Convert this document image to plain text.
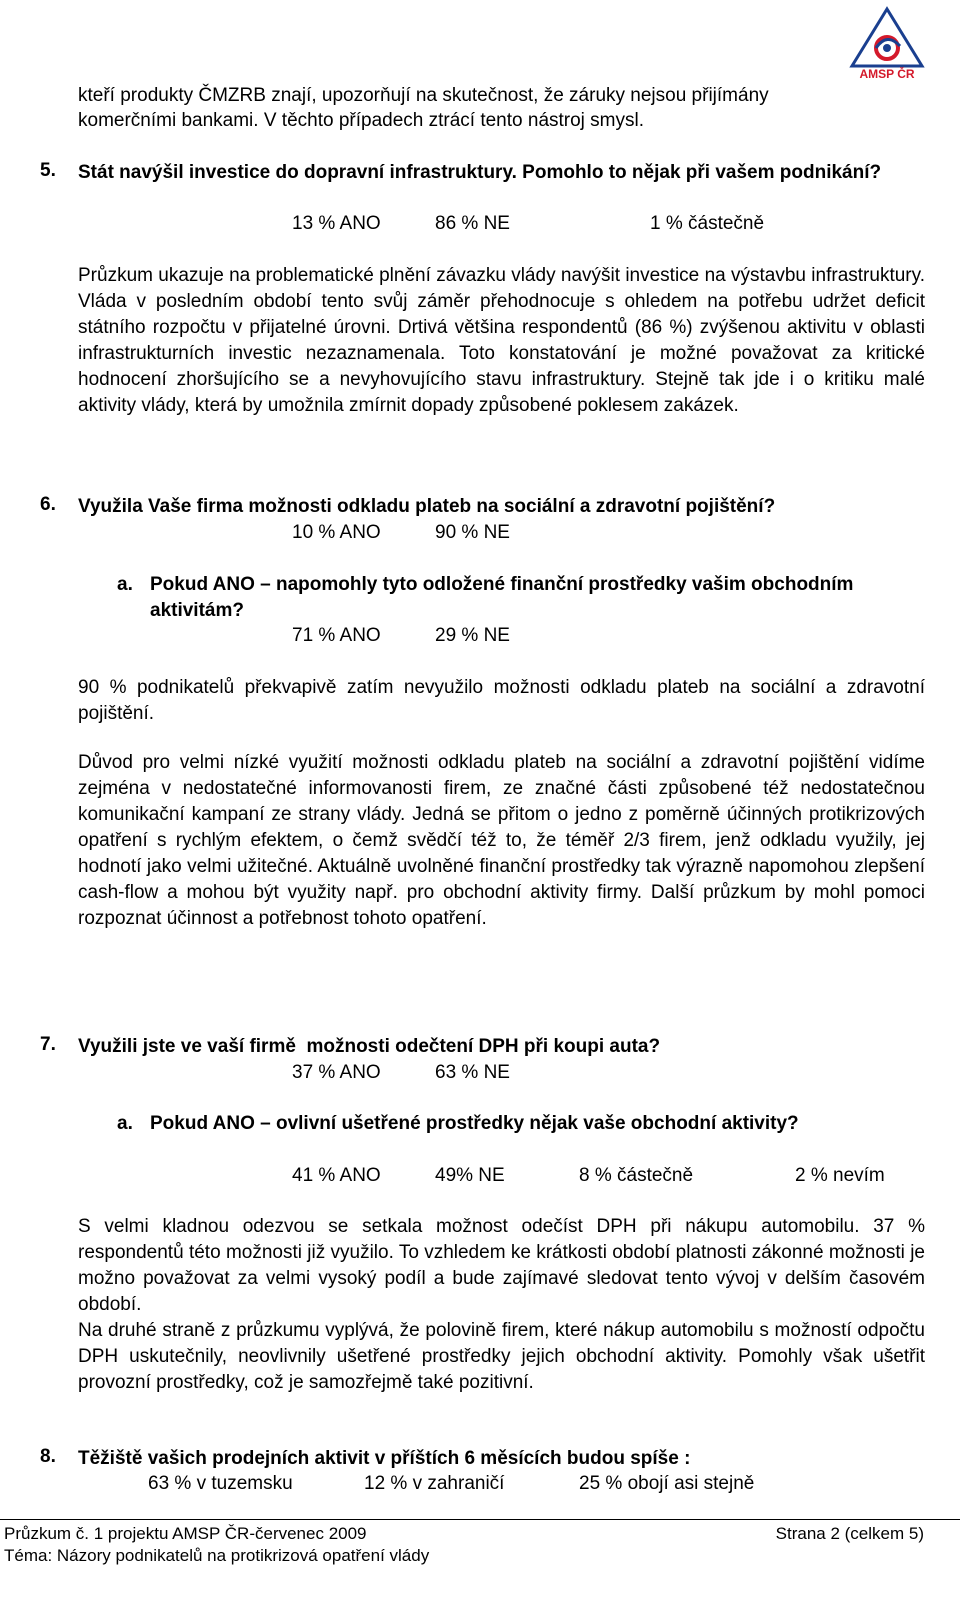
AMSP ČR
kteří produkty ČMZRB znají, upozorňují na skutečnost, že záruky nejsou přijímány
komerčními bankami. V těchto případech ztrácí tento nástroj smysl.
5. Stát navýšil investice do dopravní infrastruktury. Pomohlo to nějak při vašem podnikání?

13 % ANO	86 % NE	1 % částečně

Průzkum ukazuje na problematické plnění závazku vlády navýšit investice na výstavbu infrastruktury. Vláda v posledním období tento svůj záměr přehodnocuje s ohledem na potřebu udržet deficit státního rozpočtu v přijatelné úrovni. Drtivá většina respondentů (86 %) zvýšenou aktivitu v oblasti infrastrukturních investic nezaznamenala. Toto konstatování je možné považovat za kritické hodnocení zhoršujícího se a nevyhovujícího stavu infrastruktury. Stejně tak jde i o kritiku malé aktivity vlády, která by umožnila zmírnit dopady způsobené poklesem zakázek.

6. Využila Vaše firma možnosti odkladu plateb na sociální a zdravotní pojištění?

10 % ANO	90 % NE
a. Pokud ANO – napomohly tyto odložené finanční prostředky vašim obchodním aktivitám?

71 % ANO	29 % NE

90 % podnikatelů překvapivě zatím nevyužilo možnosti odkladu plateb na sociální a zdravotní pojištění.

Důvod pro velmi nízké využití možnosti odkladu plateb na sociální a zdravotní pojištění vidíme zejména v nedostatečné informovanosti firem, ze značné části způsobené též nedostatečnou komunikační kampaní ze strany vlády. Jedná se přitom o jedno z poměrně účinných protikrizových opatření s rychlým efektem, o čemž svědčí též to, že téměř 2/3 firem, jenž odkladu využily, jej hodnotí jako velmi užitečné. Aktuálně uvolněné finanční prostředky tak výrazně napomohou zlepšení cash-flow a mohou být využity např. pro obchodní aktivity firmy. Další průzkum by mohl pomoci rozpoznat účinnost a potřebnost tohoto opatření.

7. Využili jste ve vaší firmě  možnosti odečtení DPH při koupi auta?

37 % ANO	63 % NE
a. Pokud ANO – ovlivní ušetřené prostředky nějak vaše obchodní aktivity?

41 % ANO	49% NE	8 % částečně	2 % nevím

S velmi kladnou odezvou se setkala možnost odečíst DPH při nákupu automobilu. 37 % respondentů této možnosti již využilo. To vzhledem ke krátkosti období platnosti zákonné možnosti je možno považovat za velmi vysoký podíl a bude zajímavé sledovat tento vývoj v delším časovém období.

Na druhé straně z průzkumu vyplývá, že polovině firem, které nákup automobilu s možností odpočtu DPH uskutečnily, neovlivnily ušetřené prostředky jejich obchodní aktivity. Pomohly však ušetřit provozní prostředky, což je samozřejmě také pozitivní.

8. Těžiště vašich prodejních aktivit v příštích 6 měsících budou spíše :

63 % v tuzemsku	12 % v zahraničí	25 % obojí asi stejně
Průzkum č. 1 projektu AMSP ČR-červenec 2009	Strana 2 (celkem 5)
Téma: Názory podnikatelů na protikrizová opatření vlády
